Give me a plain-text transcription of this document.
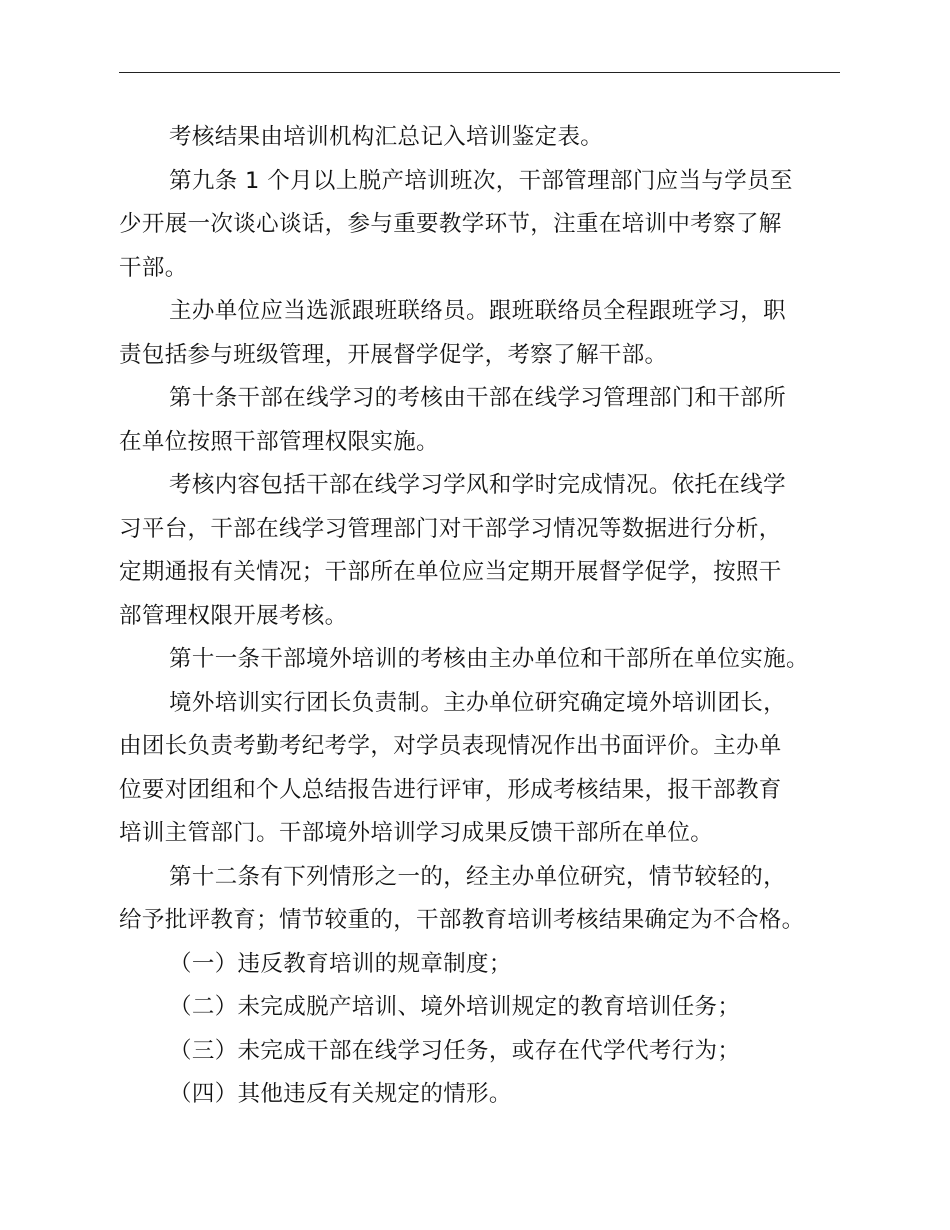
考核结果由培训机构汇总记入培训鉴定表。
第九条 1 个月以上脱产培训班次，干部管理部门应当与学员至
少开展一次谈心谈话，参与重要教学环节，注重在培训中考察了解
干部。
主办单位应当选派跟班联络员。跟班联络员全程跟班学习，职
责包括参与班级管理，开展督学促学，考察了解干部。
第十条干部在线学习的考核由干部在线学习管理部门和干部所
在单位按照干部管理权限实施。
考核内容包括干部在线学习学风和学时完成情况。依托在线学
习平台，干部在线学习管理部门对干部学习情况等数据进行分析，
定期通报有关情况；干部所在单位应当定期开展督学促学，按照干
部管理权限开展考核。
第十一条干部境外培训的考核由主办单位和干部所在单位实施。
境外培训实行团长负责制。主办单位研究确定境外培训团长，
由团长负责考勤考纪考学，对学员表现情况作出书面评价。主办单
位要对团组和个人总结报告进行评审，形成考核结果，报干部教育
培训主管部门。干部境外培训学习成果反馈干部所在单位。
第十二条有下列情形之一的，经主办单位研究，情节较轻的，
给予批评教育；情节较重的，干部教育培训考核结果确定为不合格。
（一）违反教育培训的规章制度；
（二）未完成脱产培训、境外培训规定的教育培训任务；
（三）未完成干部在线学习任务，或存在代学代考行为；
（四）其他违反有关规定的情形。
